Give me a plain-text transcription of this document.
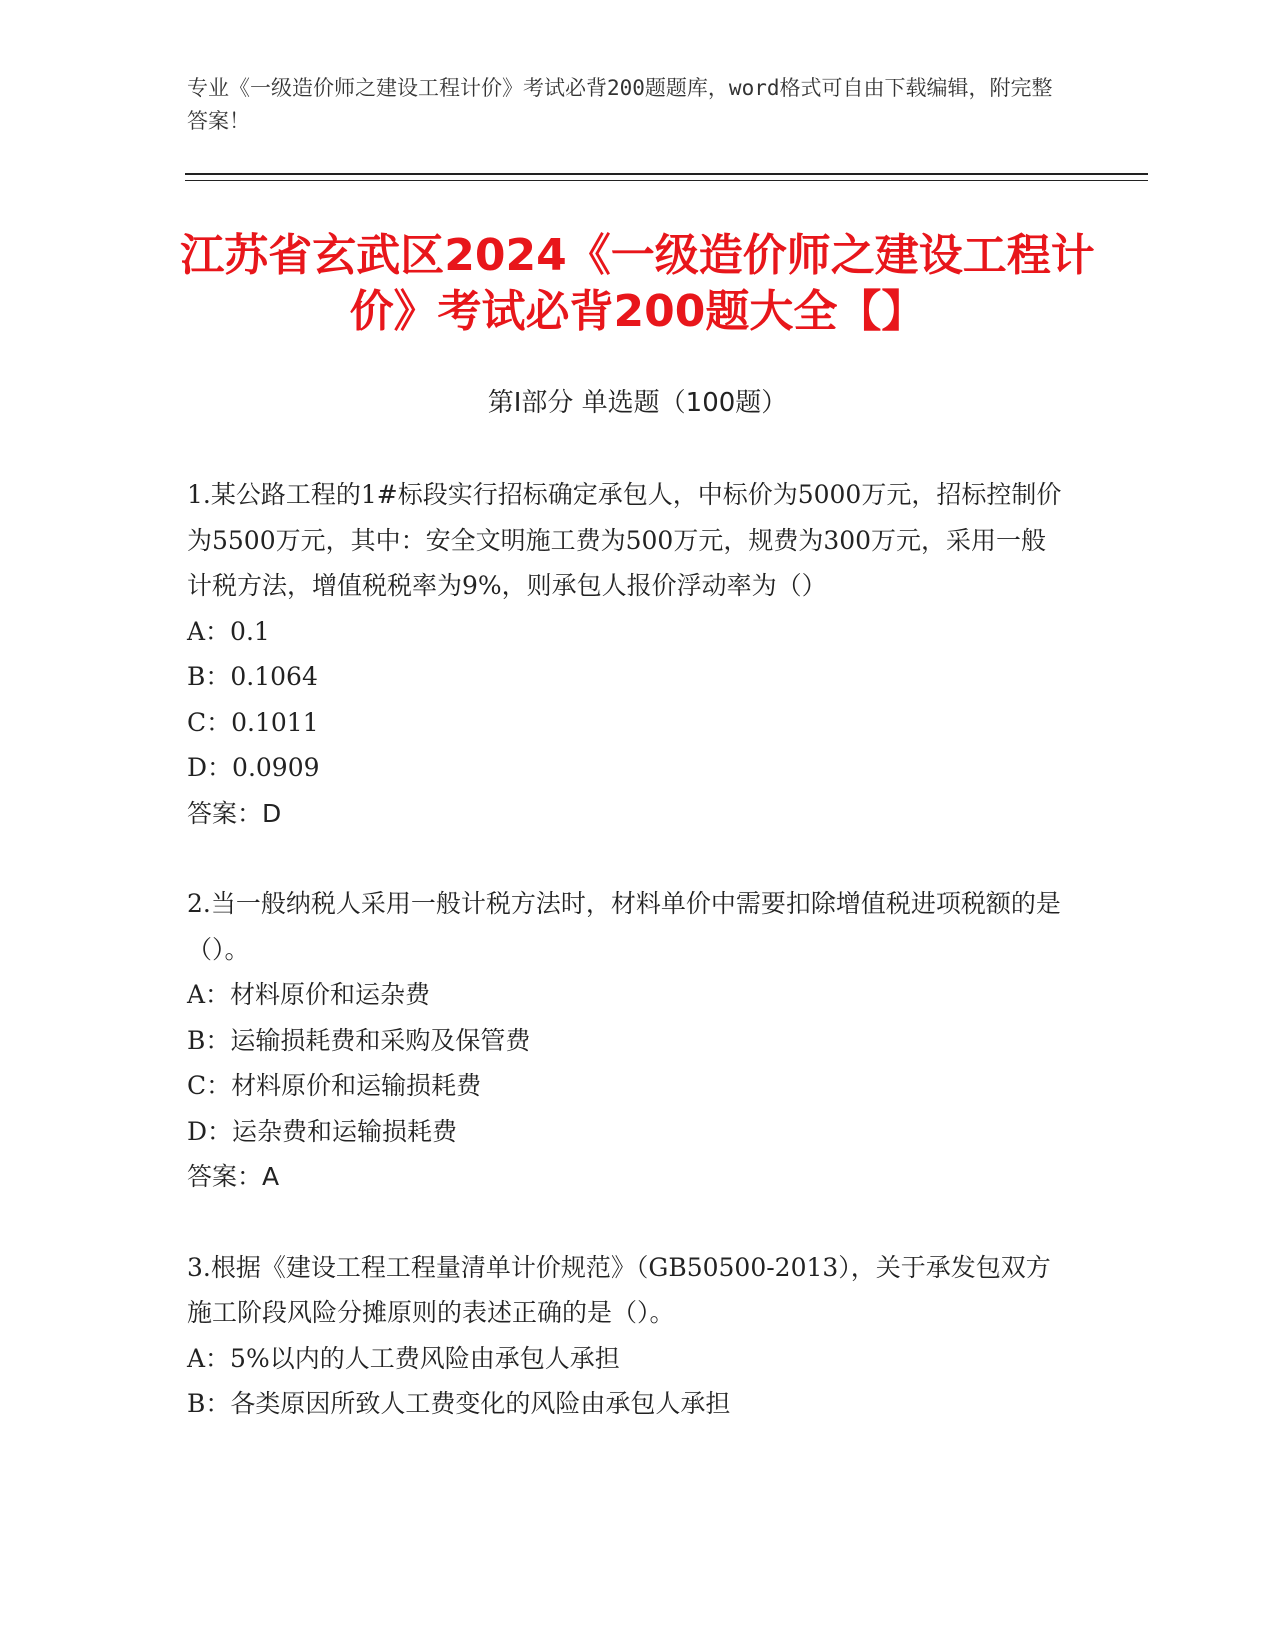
专业《一级造价师之建设工程计价》考试必背200题题库，word格式可自由下载编辑，附完整答案！
江苏省玄武区2024《一级造价师之建设工程计价》考试必背200题大全【】
第Ⅰ部分 单选题（100题）

1.某公路工程的1#标段实行招标确定承包人，中标价为5000万元，招标控制价为5500万元，其中：安全文明施工费为500万元，规费为300万元，采用一般计税方法，增值税税率为9%，则承包人报价浮动率为（）

A：0.1

B：0.1064

C：0.1011

D：0.0909

答案：D

2.当一般纳税人采用一般计税方法时，材料单价中需要扣除增值税进项税额的是（）。

A：材料原价和运杂费

B：运输损耗费和采购及保管费

C：材料原价和运输损耗费

D：运杂费和运输损耗费

答案：A

3.根据《建设工程工程量清单计价规范》（GB50500-2013），关于承发包双方施工阶段风险分摊原则的表述正确的是（）。

A：5%以内的人工费风险由承包人承担

B：各类原因所致人工费变化的风险由承包人承担
